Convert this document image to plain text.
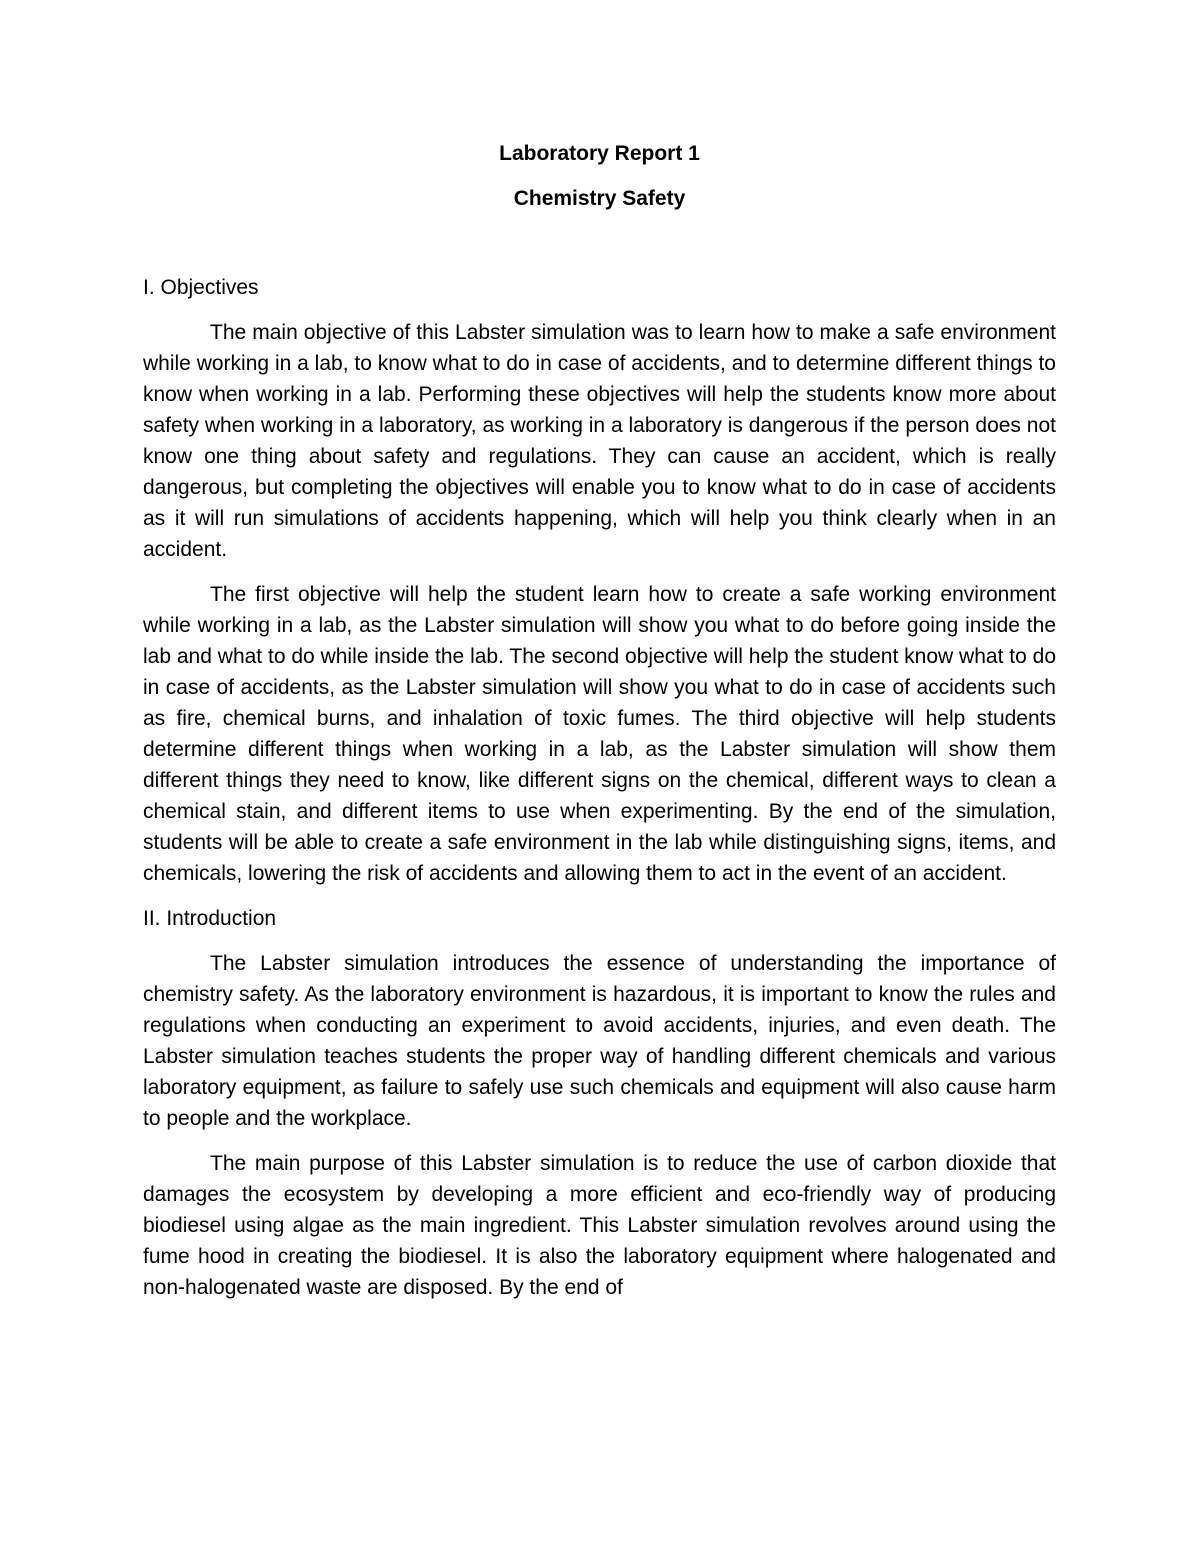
Laboratory Report 1

Chemistry Safety

I. Objectives

The main objective of this Labster simulation was to learn how to make a safe environment while working in a lab, to know what to do in case of accidents, and to determine different things to know when working in a lab. Performing these objectives will help the students know more about safety when working in a laboratory, as working in a laboratory is dangerous if the person does not know one thing about safety and regulations. They can cause an accident, which is really dangerous, but completing the objectives will enable you to know what to do in case of accidents as it will run simulations of accidents happening, which will help you think clearly when in an accident.

The first objective will help the student learn how to create a safe working environment while working in a lab, as the Labster simulation will show you what to do before going inside the lab and what to do while inside the lab. The second objective will help the student know what to do in case of accidents, as the Labster simulation will show you what to do in case of accidents such as fire, chemical burns, and inhalation of toxic fumes. The third objective will help students determine different things when working in a lab, as the Labster simulation will show them different things they need to know, like different signs on the chemical, different ways to clean a chemical stain, and different items to use when experimenting. By the end of the simulation, students will be able to create a safe environment in the lab while distinguishing signs, items, and chemicals, lowering the risk of accidents and allowing them to act in the event of an accident.

II. Introduction

The Labster simulation introduces the essence of understanding the importance of chemistry safety. As the laboratory environment is hazardous, it is important to know the rules and regulations when conducting an experiment to avoid accidents, injuries, and even death. The Labster simulation teaches students the proper way of handling different chemicals and various laboratory equipment, as failure to safely use such chemicals and equipment will also cause harm to people and the workplace.

The main purpose of this Labster simulation is to reduce the use of carbon dioxide that damages the ecosystem by developing a more efficient and eco-friendly way of producing biodiesel using algae as the main ingredient. This Labster simulation revolves around using the fume hood in creating the biodiesel. It is also the laboratory equipment where halogenated and non-halogenated waste are disposed. By the end of
